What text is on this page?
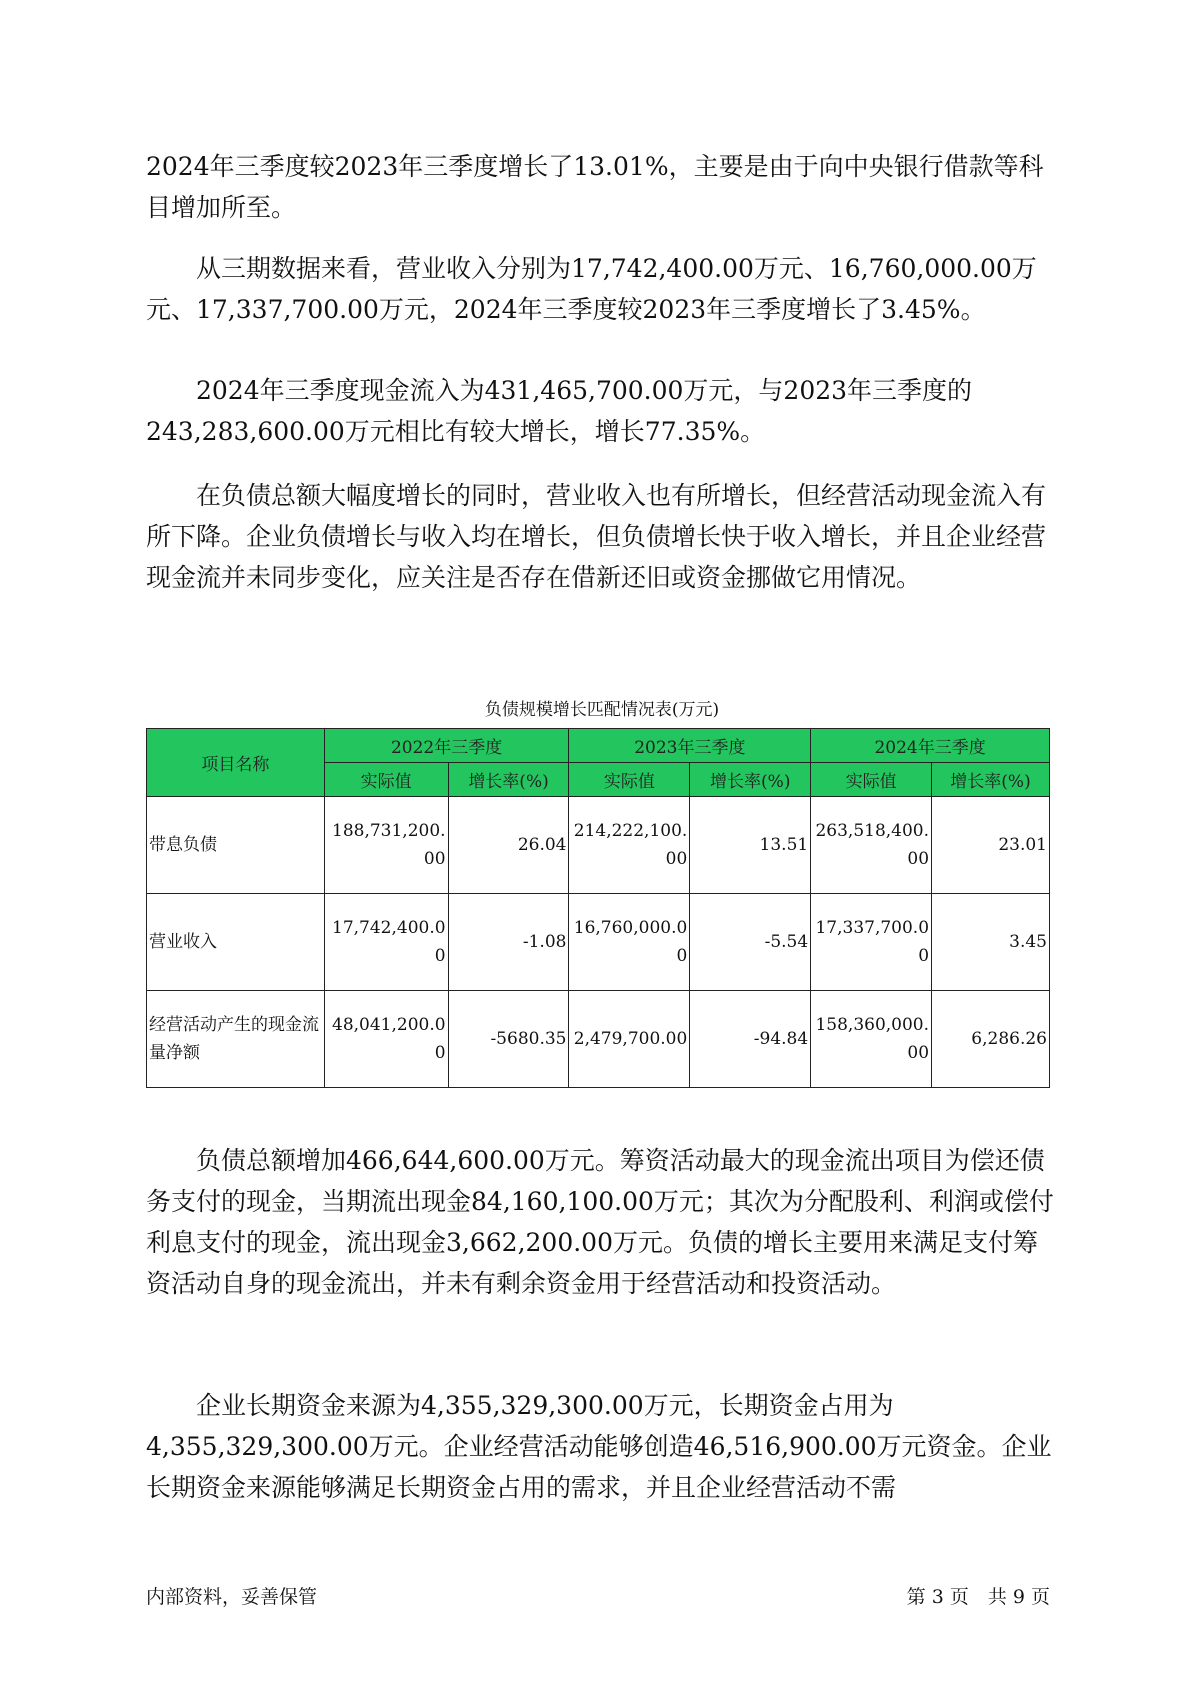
2024年三季度较2023年三季度增长了13.01%，主要是由于向中央银行借款等科目增加所至。

从三期数据来看，营业收入分别为17,742,400.00万元、16,760,000.00万元、17,337,700.00万元，2024年三季度较2023年三季度增长了3.45%。

2024年三季度现金流入为431,465,700.00万元，与2023年三季度的243,283,600.00万元相比有较大增长，增长77.35%。

在负债总额大幅度增长的同时，营业收入也有所增长，但经营活动现金流入有所下降。企业负债增长与收入均在增长，但负债增长快于收入增长，并且企业经营现金流并未同步变化，应关注是否存在借新还旧或资金挪做它用情况。

负债规模增长匹配情况表(万元)
项目名称	2022年三季度		2023年三季度		2024年三季度	
	实际值	增长率(%)	实际值	增长率(%)	实际值	增长率(%)
带息负债	188,731,200.00	26.04	214,222,100.00	13.51	263,518,400.00	23.01
营业收入	17,742,400.00	-1.08	16,760,000.00	-5.54	17,337,700.00	3.45
经营活动产生的现金流量净额	48,041,200.00	-5680.35	2,479,700.00	-94.84	158,360,000.00	6,286.26

负债总额增加466,644,600.00万元。筹资活动最大的现金流出项目为偿还债务支付的现金，当期流出现金84,160,100.00万元；其次为分配股利、利润或偿付利息支付的现金，流出现金3,662,200.00万元。负债的增长主要用来满足支付筹资活动自身的现金流出，并未有剩余资金用于经营活动和投资活动。

企业长期资金来源为4,355,329,300.00万元，长期资金占用为4,355,329,300.00万元。企业经营活动能够创造46,516,900.00万元资金。企业长期资金来源能够满足长期资金占用的需求，并且企业经营活动不需

内部资料，妥善保管	第 3 页　共 9 页
